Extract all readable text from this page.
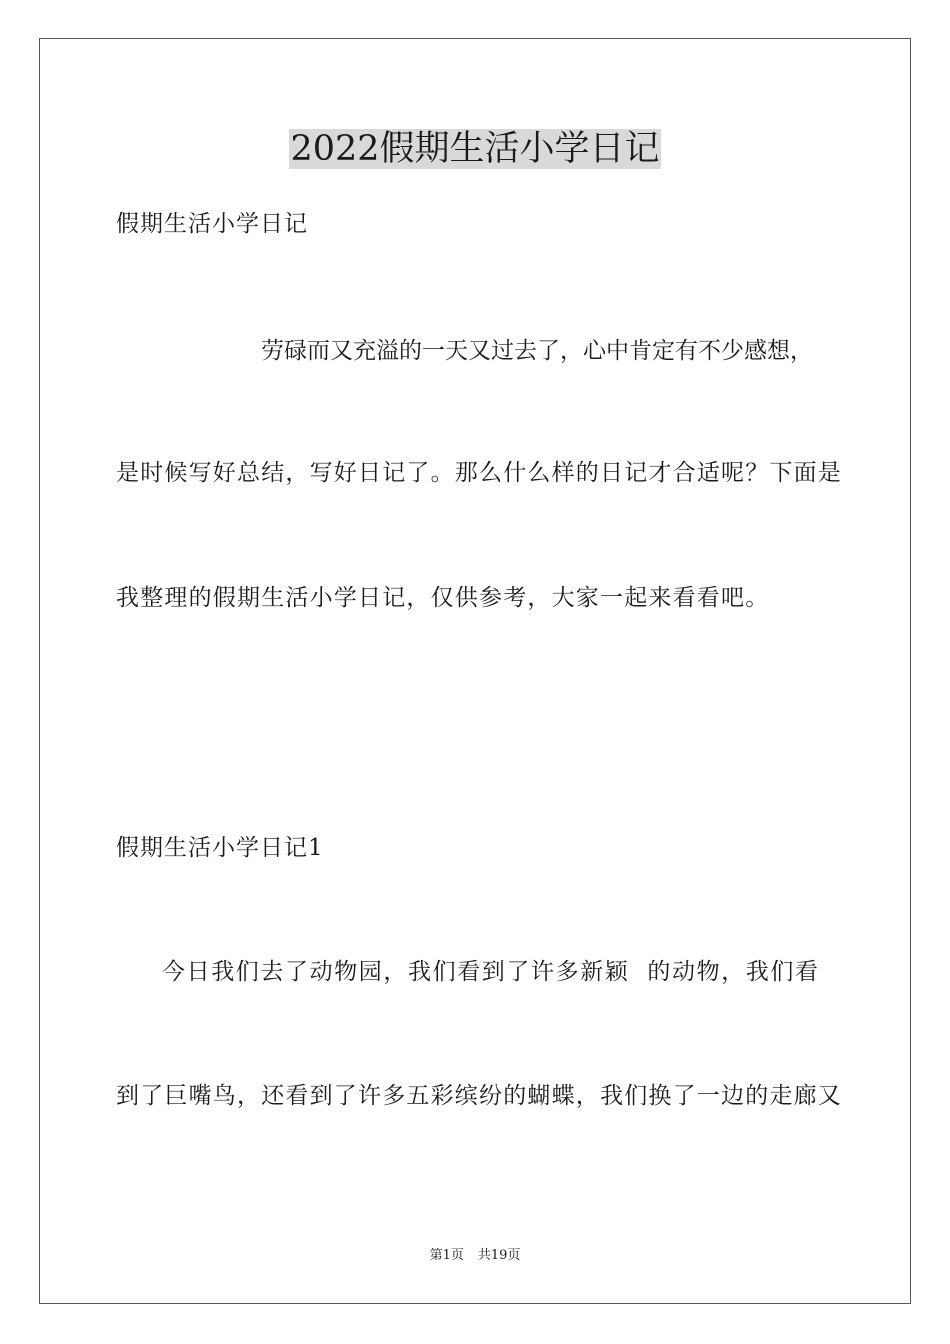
2022假期生活小学日记

假期生活小学日记

劳碌而又充溢的一天又过去了，心中肯定有不少感想，

是时候写好总结，写好日记了。那么什么样的日记才合适呢？下面是

我整理的假期生活小学日记，仅供参考，大家一起来看看吧。

假期生活小学日记1

今日我们去了动物园，我们看到了许多新颖 的动物，我们看

到了巨嘴鸟，还看到了许多五彩缤纷的蝴蝶，我们换了一边的走廊又

第1页 共19页
